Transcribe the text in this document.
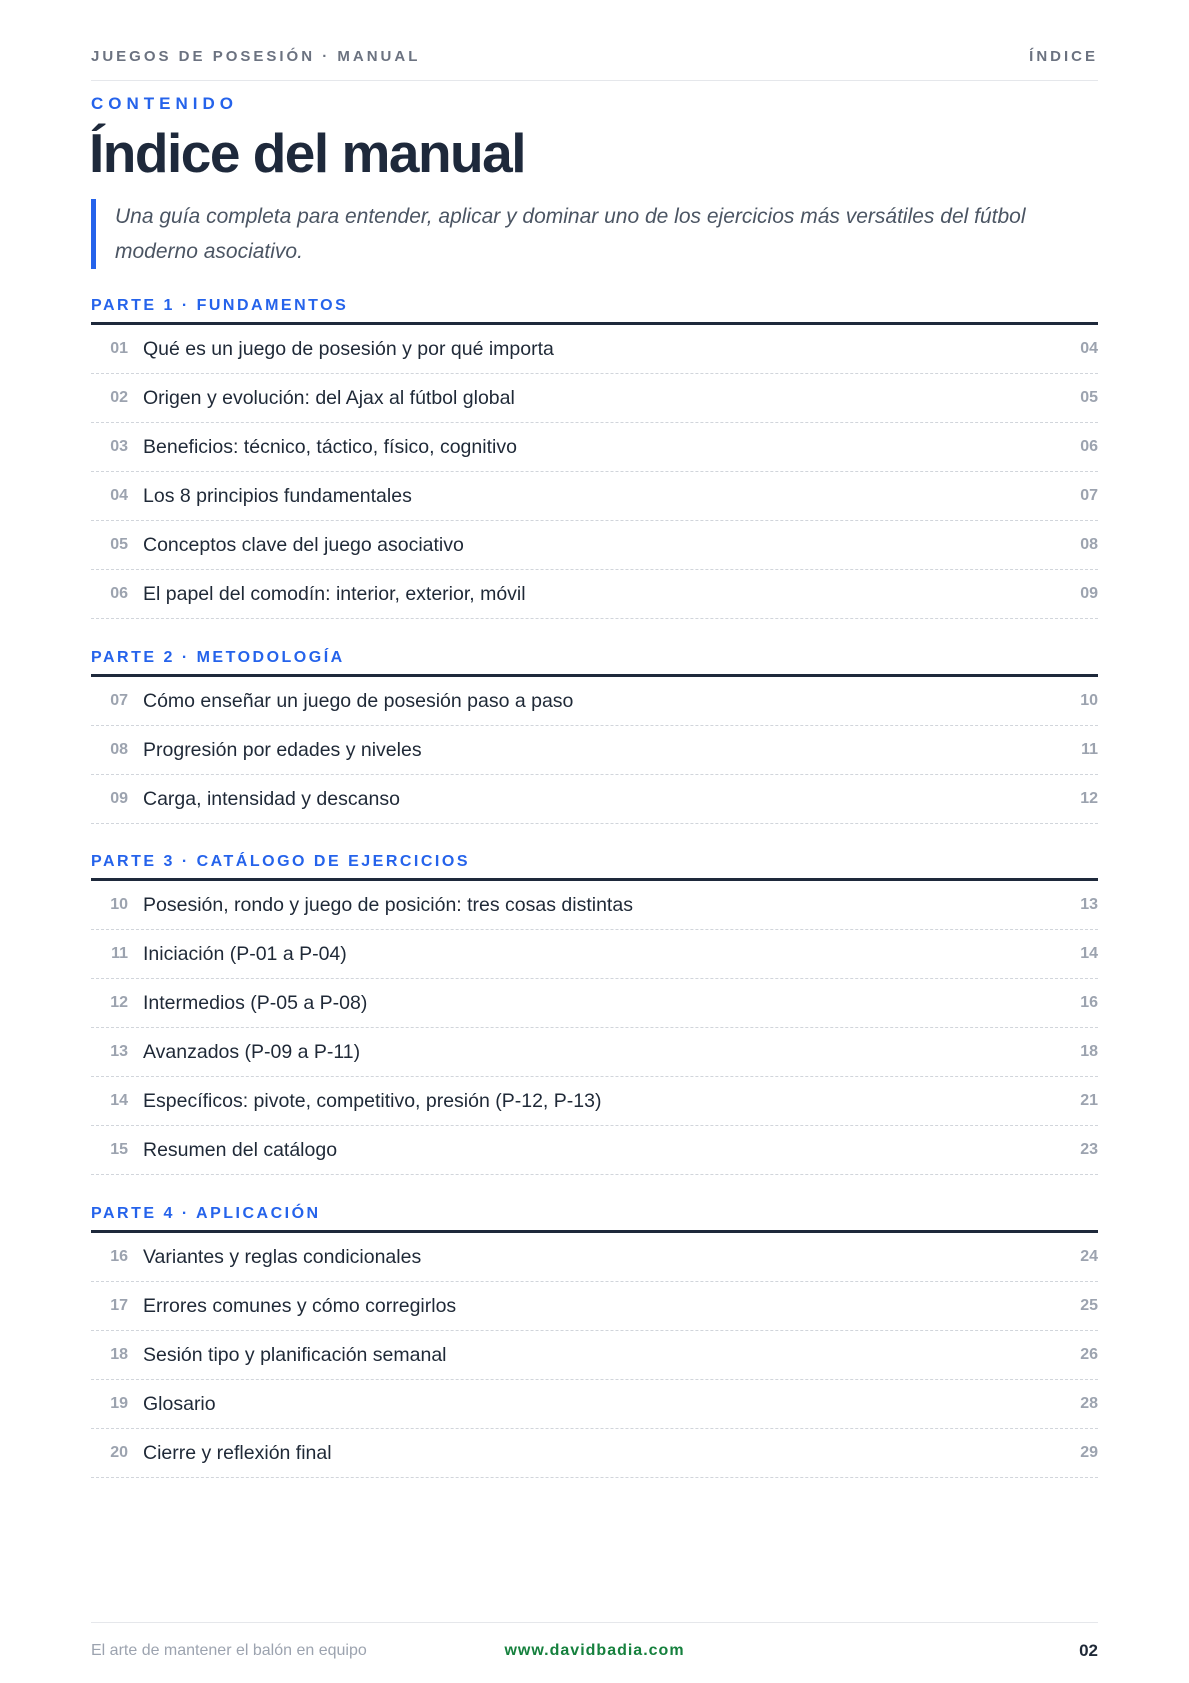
JUEGOS DE POSESIÓN · MANUAL	ÍNDICE
CONTENIDO
Índice del manual
Una guía completa para entender, aplicar y dominar uno de los ejercicios más versátiles del fútbol moderno asociativo.
PARTE 1 · FUNDAMENTOS
01 Qué es un juego de posesión y por qué importa	04
02 Origen y evolución: del Ajax al fútbol global	05
03 Beneficios: técnico, táctico, físico, cognitivo	06
04 Los 8 principios fundamentales	07
05 Conceptos clave del juego asociativo	08
06 El papel del comodín: interior, exterior, móvil	09
PARTE 2 · METODOLOGÍA
07 Cómo enseñar un juego de posesión paso a paso	10
08 Progresión por edades y niveles	11
09 Carga, intensidad y descanso	12
PARTE 3 · CATÁLOGO DE EJERCICIOS
10 Posesión, rondo y juego de posición: tres cosas distintas	13
11 Iniciación (P-01 a P-04)	14
12 Intermedios (P-05 a P-08)	16
13 Avanzados (P-09 a P-11)	18
14 Específicos: pivote, competitivo, presión (P-12, P-13)	21
15 Resumen del catálogo	23
PARTE 4 · APLICACIÓN
16 Variantes y reglas condicionales	24
17 Errores comunes y cómo corregirlos	25
18 Sesión tipo y planificación semanal	26
19 Glosario	28
20 Cierre y reflexión final	29
El arte de mantener el balón en equipo	www.davidbadia.com	02
